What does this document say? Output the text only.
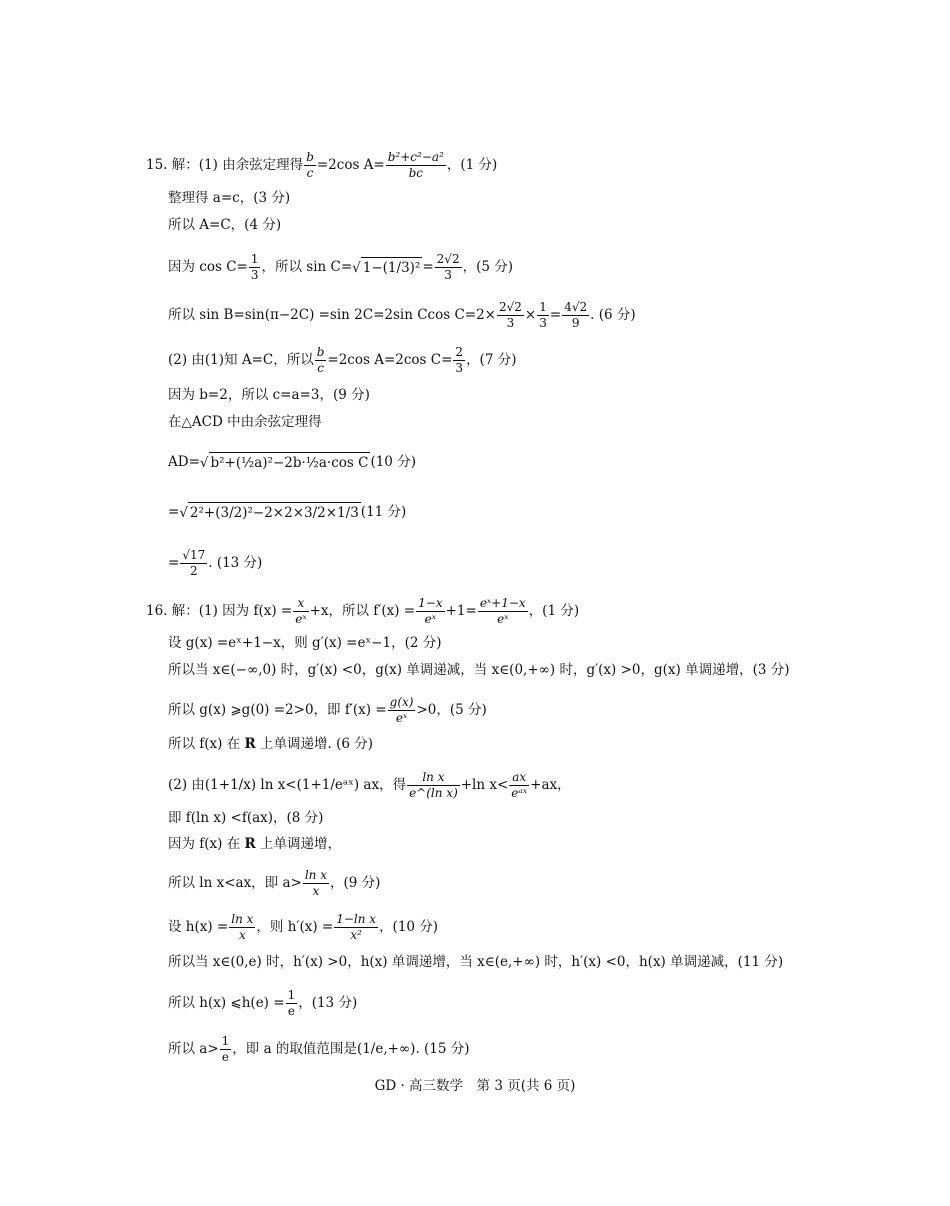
15. 解：(1) 由余弦定理得 $\frac{b}{c} =2\cos$ $A= \frac{\text{b²+c²−a²}}{bc}$ ，(1 分)
整理得 a=c，(3 分)
所以 A=C，(4 分)
因为 $\cos C= \frac{1}{3}$ ，所以 sin C=√ $1-(1/3)^2 = \frac{2√2}{3}$ ，(5 分)
所以 sin B=sin(π−2C) =sin 2C=2sin Ccos $C=2\times \frac{2√2}{3} \times \frac{1}{3} = \frac{4√2}{9}$ . (6 分)
(2) 由(1)知 A=C，所以 $\frac{b}{c} =2\cos$ A=2cos $C= \frac{2}{3}$ ，(7 分)
因为 b=2，所以 c=a=3，(9 分)
在△ACD 中由余弦定理得
AD=√ b²+(½a)²−2b·½a·cos C (10 分)
=√ 2²+(3/2)²−2×2×3/2×1/3 (11 分)
= $\frac{√17}{2}$ . (13 分)
16. 解：(1) 因为 $f(x) = \frac{x}{\text{eˣ}} +x$，所以 $f'(x) = \frac{1-x}{\text{eˣ}} +1= \frac{\text{eˣ+1−x}}{\text{eˣ}}$ ，(1 分)
设 g(x) =eˣ+1−x，则 g′(x) =eˣ−1，(2 分)
所以当 x∈(−∞,0) 时，g′(x) <0，g(x) 单调递减，当 x∈(0,+∞) 时，g′(x) >0，g(x) 单调递增，(3 分)
所以 g(x) ⩾g(0) =2>0，即 $f'(x) = \frac{g(x)}{\text{eˣ}} >0$，(5 分)
所以 f(x) 在 R 上单调递增. (6 分)
(2) 由(1+1/x) ln x<(1+1/eᵃˣ) ax，得 $\frac{\text{ln x}}{\text{e\textasciicircum{}(ln x)}} +\ln$ $x< \frac{ax}{\text{eᵃˣ}} +ax$，
即 f(ln x) <f(ax)，(8 分)
因为 f(x) 在 R 上单调递增，
所以 ln x<ax，即 $a> \frac{\text{ln x}}{x}$ ，(9 分)
设 $h(x) = \frac{\text{ln x}}{x}$ ，则 $h'(x) = \frac{\text{1−ln x}}{\text{x²}}$ ，(10 分)
所以当 x∈(0,e) 时，h′(x) >0，h(x) 单调递增，当 x∈(e,+∞) 时，h′(x) <0，h(x) 单调递减，(11 分)
所以 h(x) ⩽h(e) = $\frac{1}{e}$ ，(13 分)
所以 $a> \frac{1}{e}$ ，即 a 的取值范围是(1/e,+∞). (15 分)
GD · 高三数学　第 3 页(共 6 页)
